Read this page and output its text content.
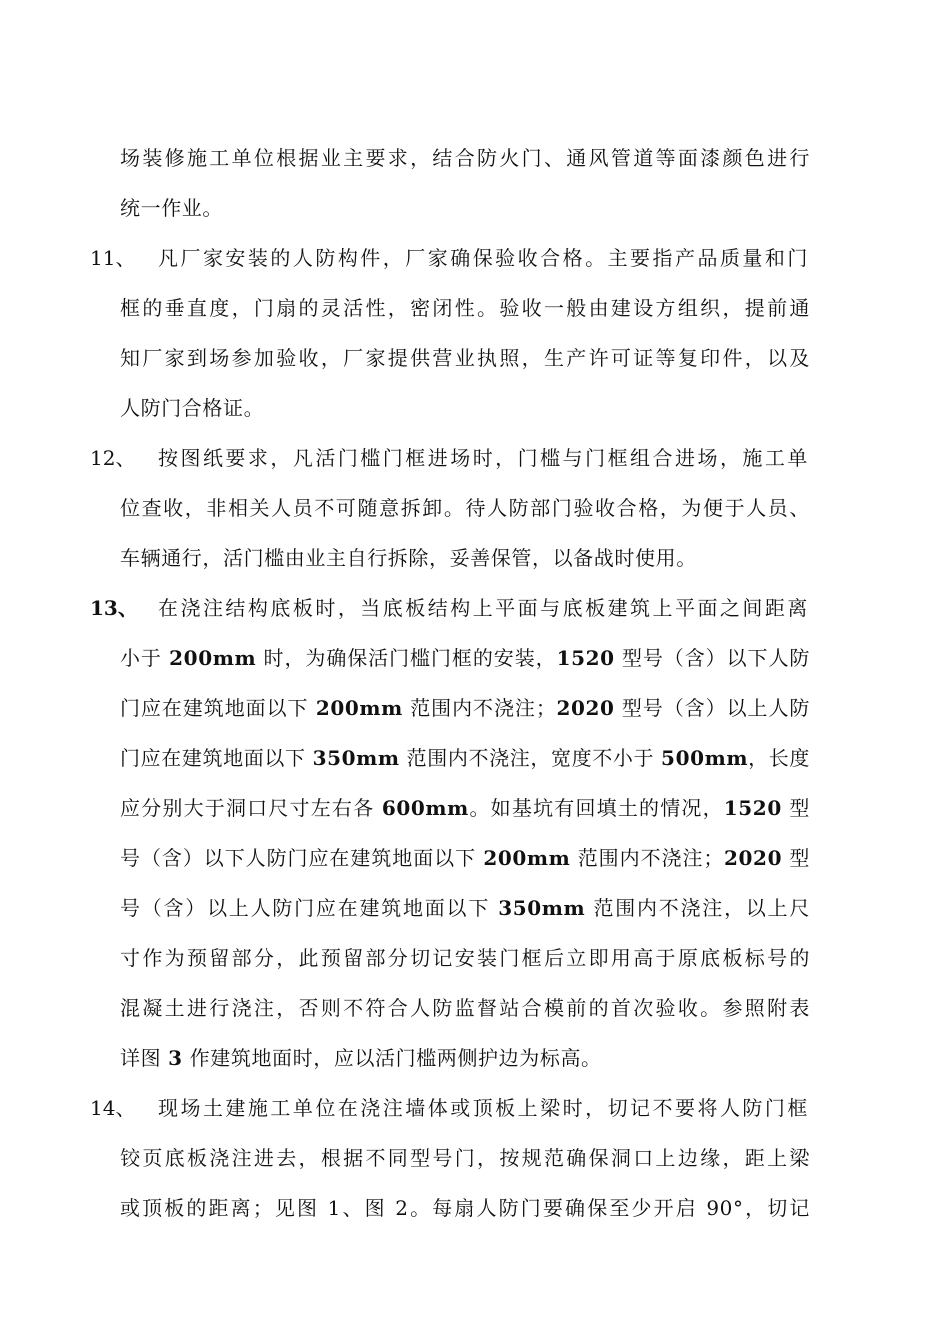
场装修施工单位根据业主要求，结合防火门、通风管道等面漆颜色进行
统一作业。
11、 凡厂家安装的人防构件，厂家确保验收合格。主要指产品质量和门
框的垂直度，门扇的灵活性，密闭性。验收一般由建设方组织，提前通
知厂家到场参加验收，厂家提供营业执照，生产许可证等复印件，以及
人防门合格证。
12、 按图纸要求，凡活门槛门框进场时，门槛与门框组合进场，施工单
位查收，非相关人员不可随意拆卸。待人防部门验收合格，为便于人员、
车辆通行，活门槛由业主自行拆除，妥善保管，以备战时使用。
13、 在浇注结构底板时，当底板结构上平面与底板建筑上平面之间距离
小于 200mm 时，为确保活门槛门框的安装，1520 型号（含）以下人防
门应在建筑地面以下 200mm 范围内不浇注；2020 型号（含）以上人防
门应在建筑地面以下 350mm 范围内不浇注，宽度不小于 500mm，长度
应分别大于洞口尺寸左右各 600mm。如基坑有回填土的情况，1520 型
号（含）以下人防门应在建筑地面以下 200mm 范围内不浇注；2020 型
号（含）以上人防门应在建筑地面以下 350mm 范围内不浇注，以上尺
寸作为预留部分，此预留部分切记安装门框后立即用高于原底板标号的
混凝土进行浇注，否则不符合人防监督站合模前的首次验收。参照附表
详图 3 作建筑地面时，应以活门槛两侧护边为标高。
14、 现场土建施工单位在浇注墙体或顶板上梁时，切记不要将人防门框
铰页底板浇注进去，根据不同型号门，按规范确保洞口上边缘，距上梁
或顶板的距离；见图 1、图 2。每扇人防门要确保至少开启 90°，切记
